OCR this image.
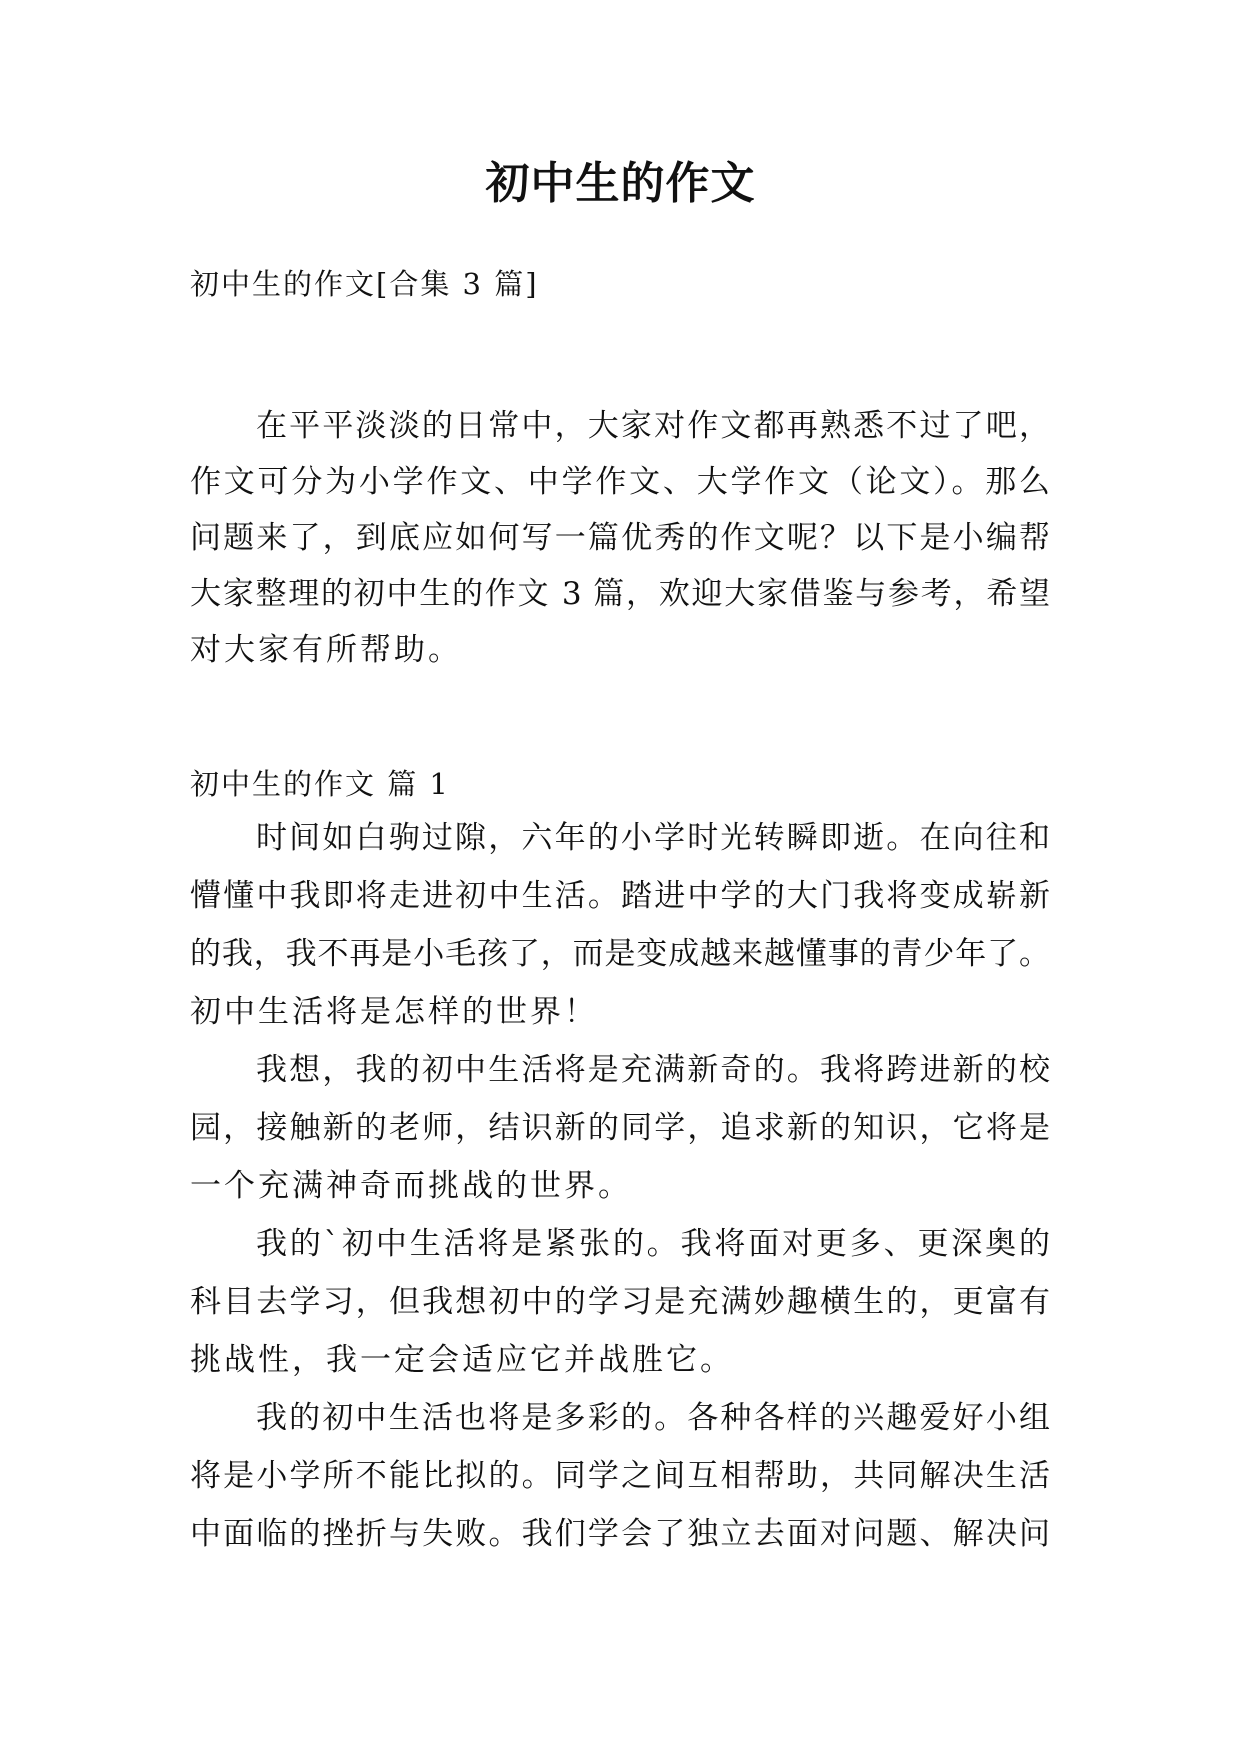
初中生的作文
初中生的作文[合集 3 篇]
在平平淡淡的日常中，大家对作文都再熟悉不过了吧，
作文可分为小学作文、中学作文、大学作文（论文）。那么
问题来了，到底应如何写一篇优秀的作文呢？以下是小编帮
大家整理的初中生的作文 3 篇，欢迎大家借鉴与参考，希望
对大家有所帮助。
初中生的作文 篇 1
时间如白驹过隙，六年的小学时光转瞬即逝。在向往和
懵懂中我即将走进初中生活。踏进中学的大门我将变成崭新
的我，我不再是小毛孩了，而是变成越来越懂事的青少年了。
初中生活将是怎样的世界！
我想，我的初中生活将是充满新奇的。我将跨进新的校
园，接触新的老师，结识新的同学，追求新的知识，它将是
一个充满神奇而挑战的世界。
我的`初中生活将是紧张的。我将面对更多、更深奥的
科目去学习，但我想初中的学习是充满妙趣横生的，更富有
挑战性，我一定会适应它并战胜它。
我的初中生活也将是多彩的。各种各样的兴趣爱好小组
将是小学所不能比拟的。同学之间互相帮助，共同解决生活
中面临的挫折与失败。我们学会了独立去面对问题、解决问
